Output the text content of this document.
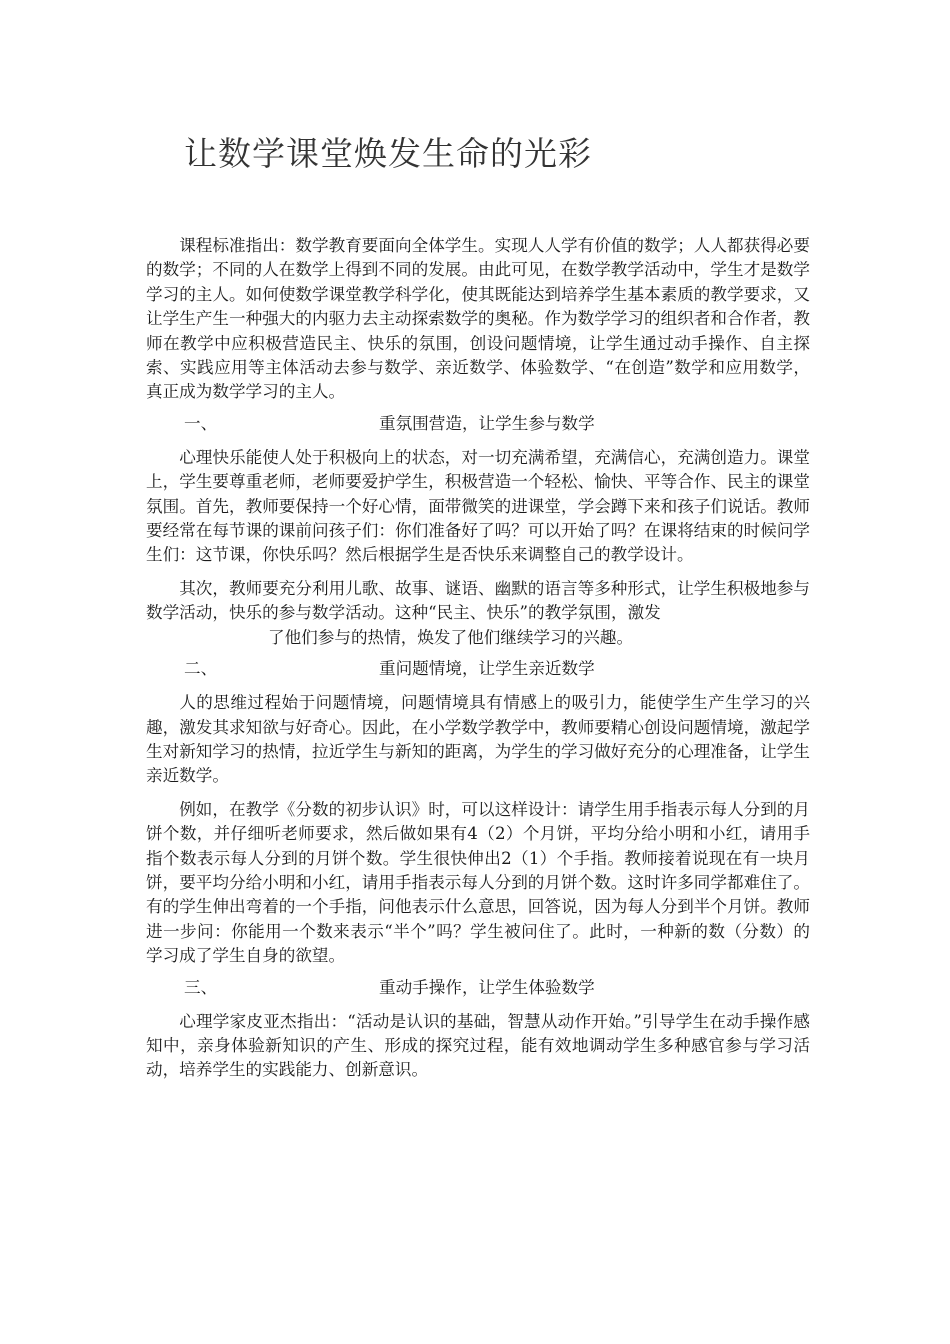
让数学课堂焕发生命的光彩

课程标准指出：数学教育要面向全体学生。实现人人学有价值的数学；人人都获得必要的数学；不同的人在数学上得到不同的发展。由此可见，在数学教学活动中，学生才是数学学习的主人。如何使数学课堂教学科学化，使其既能达到培养学生基本素质的教学要求，又让学生产生一种强大的内驱力去主动探索数学的奥秘。作为数学学习的组织者和合作者，教师在教学中应积极营造民主、快乐的氛围，创设问题情境，让学生通过动手操作、自主探索、实践应用等主体活动去参与数学、亲近数学、体验数学、“在创造”数学和应用数学，真正成为数学学习的主人。

一、	重氛围营造，让学生参与数学

心理快乐能使人处于积极向上的状态，对一切充满希望，充满信心，充满创造力。课堂上，学生要尊重老师，老师要爱护学生，积极营造一个轻松、愉快、平等合作、民主的课堂氛围。首先，教师要保持一个好心情，面带微笑的进课堂，学会蹲下来和孩子们说话。教师要经常在每节课的课前问孩子们：你们准备好了吗？可以开始了吗？在课将结束的时候问学生们：这节课，你快乐吗？然后根据学生是否快乐来调整自己的教学设计。

其次，教师要充分利用儿歌、故事、谜语、幽默的语言等多种形式，让学生积极地参与数学活动，快乐的参与数学活动。这种“民主、快乐”的教学氛围，激发

了他们参与的热情，焕发了他们继续学习的兴趣。

二、	重问题情境，让学生亲近数学

人的思维过程始于问题情境，问题情境具有情感上的吸引力，能使学生产生学习的兴趣，激发其求知欲与好奇心。因此，在小学数学教学中，教师要精心创设问题情境，激起学生对新知学习的热情，拉近学生与新知的距离，为学生的学习做好充分的心理准备，让学生亲近数学。

例如，在教学《分数的初步认识》时，可以这样设计：请学生用手指表示每人分到的月饼个数，并仔细听老师要求，然后做如果有4（2）个月饼，平均分给小明和小红，请用手指个数表示每人分到的月饼个数。学生很快伸出2（1）个手指。教师接着说现在有一块月饼，要平均分给小明和小红，请用手指表示每人分到的月饼个数。这时许多同学都难住了。有的学生伸出弯着的一个手指，问他表示什么意思，回答说，因为每人分到半个月饼。教师进一步问：你能用一个数来表示“半个”吗？学生被问住了。此时，一种新的数（分数）的学习成了学生自身的欲望。

三、	重动手操作，让学生体验数学

心理学家皮亚杰指出：“活动是认识的基础，智慧从动作开始。”引导学生在动手操作感知中，亲身体验新知识的产生、形成的探究过程，能有效地调动学生多种感官参与学习活动，培养学生的实践能力、创新意识。
